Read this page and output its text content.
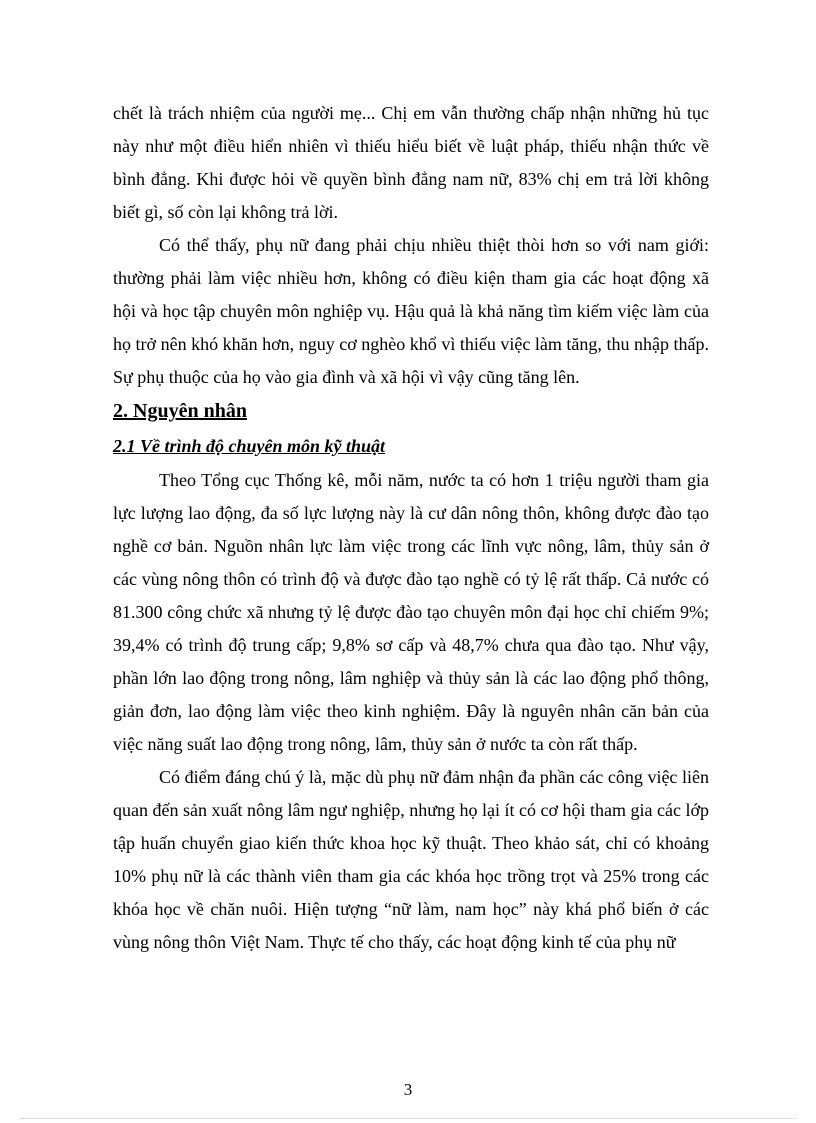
chết là trách nhiệm của người mẹ... Chị em vẫn thường chấp nhận những hủ tục này như một điều hiển nhiên vì thiếu hiểu biết về luật pháp, thiếu nhận thức về bình đẳng. Khi được hỏi về quyền bình đẳng nam nữ, 83% chị em trả lời không biết gì, số còn lại không trả lời.

Có thể thấy, phụ nữ đang phải chịu nhiều thiệt thòi hơn so với nam giới: thường phải làm việc nhiều hơn, không có điều kiện tham gia các hoạt động xã hội và học tập chuyên môn nghiệp vụ. Hậu quả là khả năng tìm kiếm việc làm của họ trở nên khó khăn hơn, nguy cơ nghèo khổ vì thiếu việc làm tăng, thu nhập thấp. Sự phụ thuộc của họ vào gia đình và xã hội vì vậy cũng tăng lên.

2. Nguyên nhân

2.1 Về trình độ chuyên môn kỹ thuật

Theo Tổng cục Thống kê, mỗi năm, nước ta có hơn 1 triệu người tham gia lực lượng lao động, đa số lực lượng này là cư dân nông thôn, không được đào tạo nghề cơ bản. Nguồn nhân lực làm việc trong các lĩnh vực nông, lâm, thủy sản ở các vùng nông thôn có trình độ và được đào tạo nghề có tỷ lệ rất thấp. Cả nước có 81.300 công chức xã nhưng tỷ lệ được đào tạo chuyên môn đại học chỉ chiếm 9%; 39,4% có trình độ trung cấp; 9,8% sơ cấp và 48,7% chưa qua đào tạo. Như vậy, phần lớn lao động trong nông, lâm nghiệp và thủy sản là các lao động phổ thông, giản đơn, lao động làm việc theo kinh nghiệm. Đây là nguyên nhân căn bản của việc năng suất lao động trong nông, lâm, thủy sản ở nước ta còn rất thấp.

Có điểm đáng chú ý là, mặc dù phụ nữ đảm nhận đa phần các công việc liên quan đến sản xuất nông lâm ngư nghiệp, nhưng họ lại ít có cơ hội tham gia các lớp tập huấn chuyển giao kiến thức khoa học kỹ thuật. Theo khảo sát, chỉ có khoảng 10% phụ nữ là các thành viên tham gia các khóa học trồng trọt và 25% trong các khóa học về chăn nuôi. Hiện tượng “nữ làm, nam học” này khá phổ biến ở các vùng nông thôn Việt Nam. Thực tế cho thấy, các hoạt động kinh tế của phụ nữ

3
